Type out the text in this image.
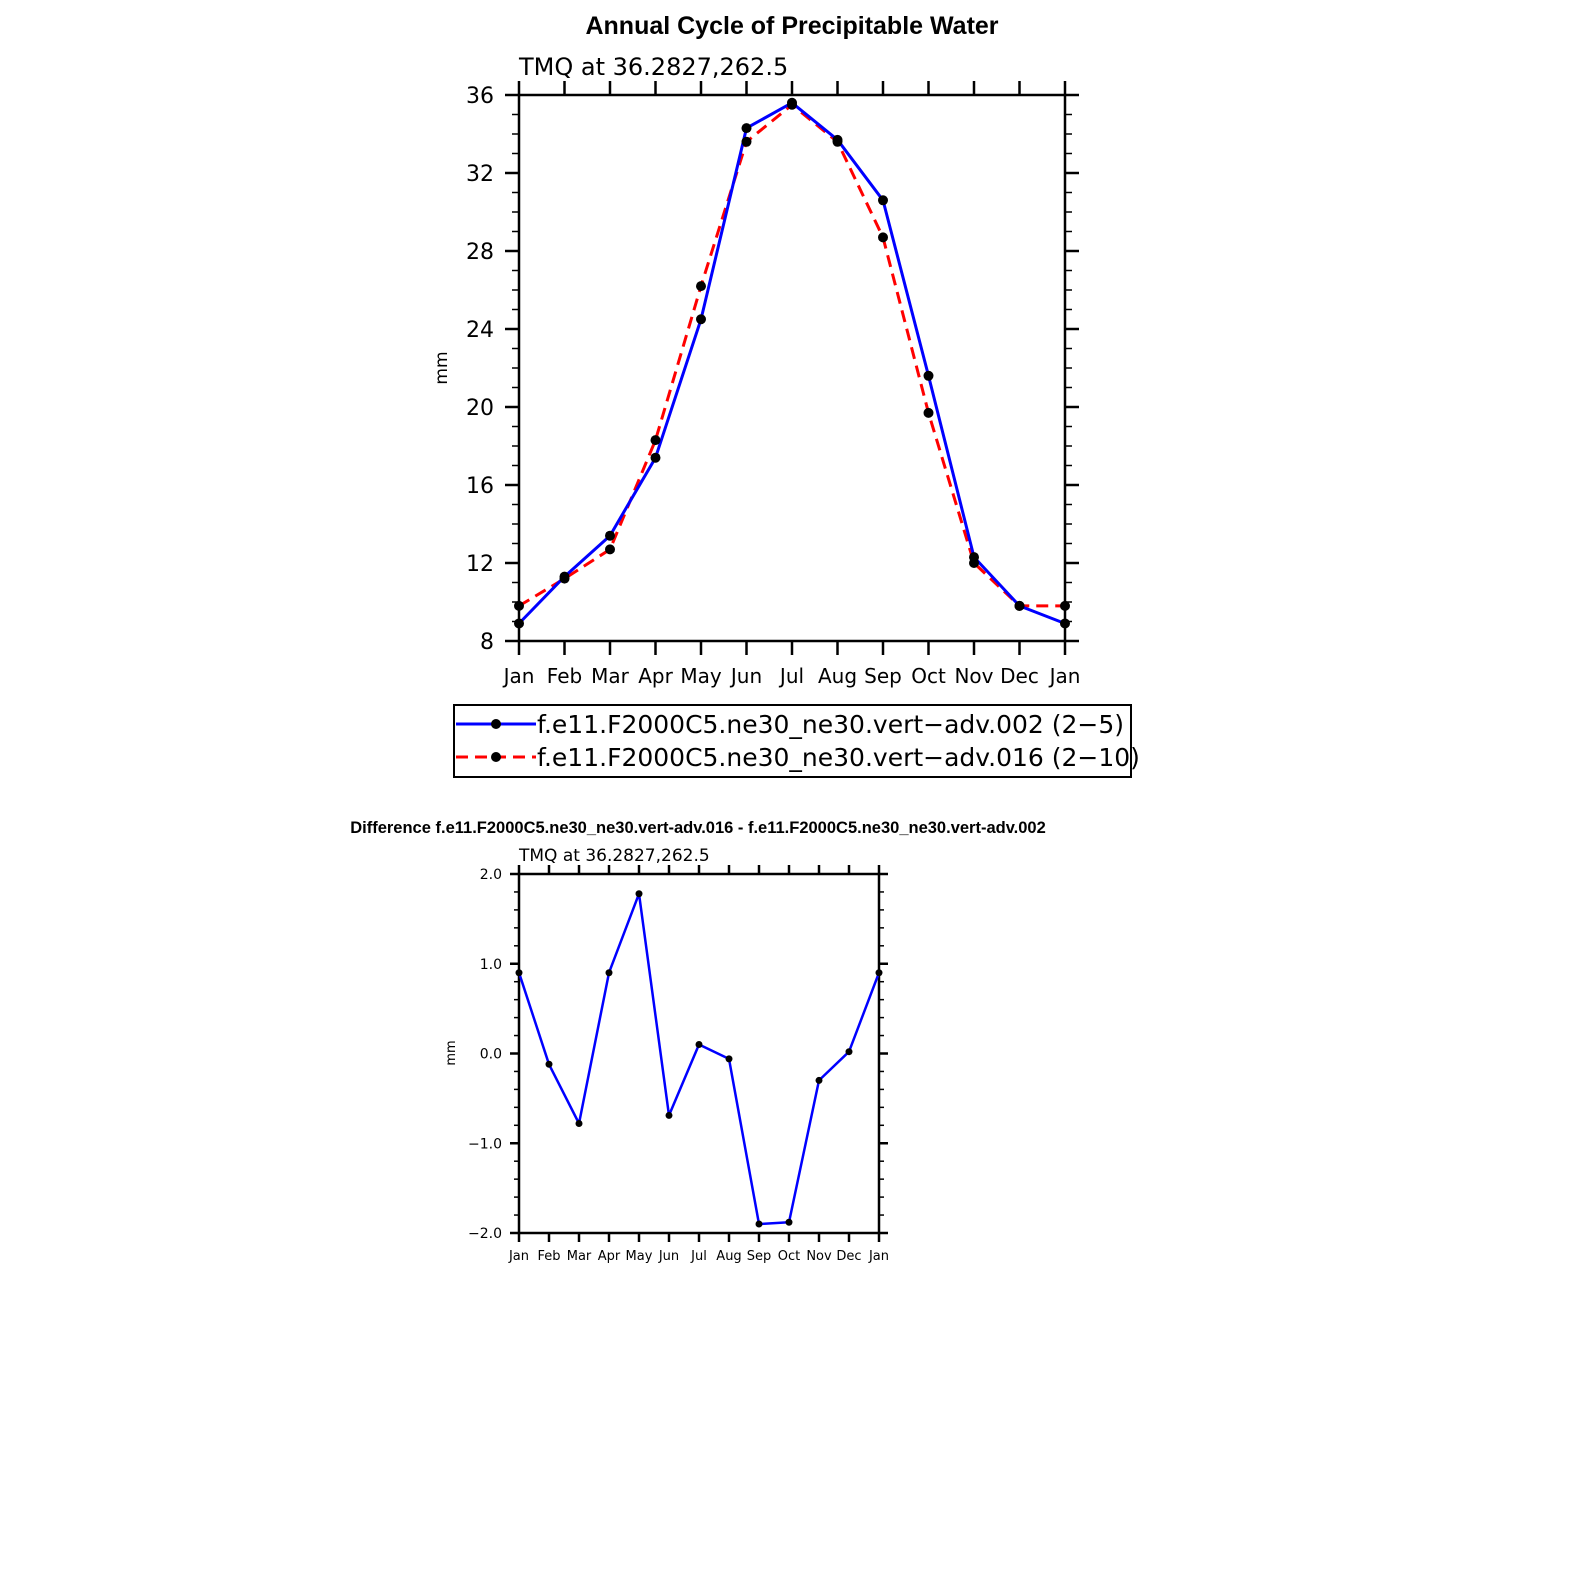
Annual Cycle of Precipitable Water
TMQ at 36.2827,262.5
mm
Jan Feb Mar Apr May Jun Jul Aug Sep Oct Nov Dec Jan
8
12
16
20
24
28
32
36
f.e11.F2000C5.ne30_ne30.vert−adv.002 (2−5)
f.e11.F2000C5.ne30_ne30.vert−adv.016 (2−10)
Difference f.e11.F2000C5.ne30_ne30.vert-adv.016 - f.e11.F2000C5.ne30_ne30.vert-adv.002
TMQ at 36.2827,262.5
mm
Jan Feb Mar Apr May Jun Jul Aug Sep Oct Nov Dec Jan
−2.0
−1.0
0.0
1.0
2.0
